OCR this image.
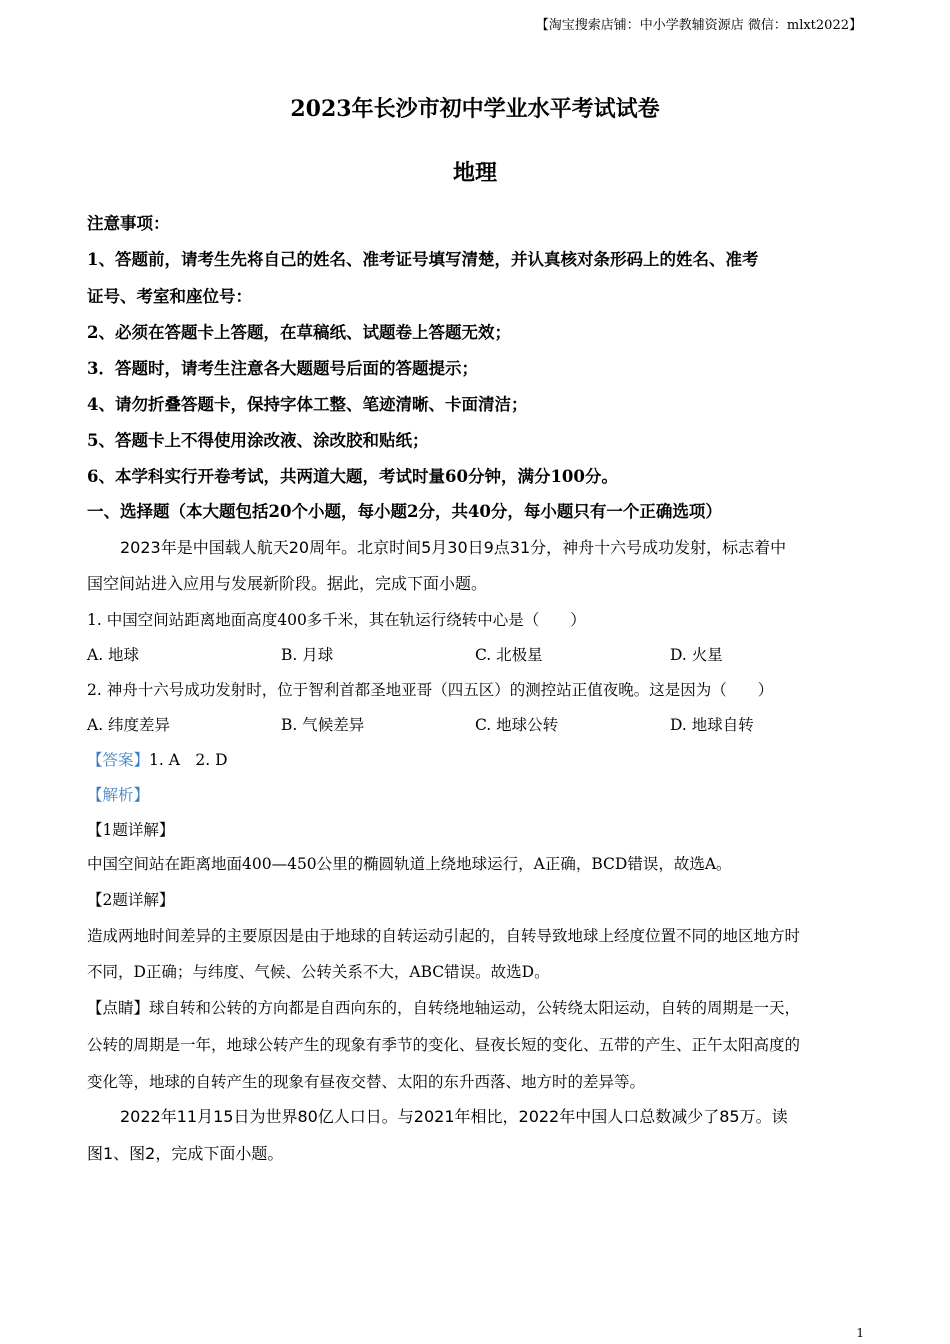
【淘宝搜索店铺：中小学教辅资源店 微信：mlxt2022】
2023年长沙市初中学业水平考试试卷
地理
注意事项：
1、答题前，请考生先将自己的姓名、准考证号填写清楚，并认真核对条形码上的姓名、准考
证号、考室和座位号：
2、必须在答题卡上答题，在草稿纸、试题卷上答题无效；
3．答题时，请考生注意各大题题号后面的答题提示；
4、请勿折叠答题卡，保持字体工整、笔迹清晰、卡面清洁；
5、答题卡上不得使用涂改液、涂改胶和贴纸；
6、本学科实行开卷考试，共两道大题，考试时量60分钟，满分100分。
一、选择题（本大题包括20个小题，每小题2分，共40分，每小题只有一个正确选项）
2023年是中国载人航天20周年。北京时间5月30日9点31分，神舟十六号成功发射，标志着中
国空间站进入应用与发展新阶段。据此，完成下面小题。
1. 中国空间站距离地面高度400多千米，其在轨运行绕转中心是（　　）
A. 地球	B. 月球	C. 北极星	D. 火星
2. 神舟十六号成功发射时，位于智利首都圣地亚哥（四五区）的测控站正值夜晚。这是因为（　　）
A. 纬度差异	B. 气候差异	C. 地球公转	D. 地球自转
【答案】1. A　2. D
【解析】
【1题详解】
中国空间站在距离地面400—450公里的椭圆轨道上绕地球运行，A正确，BCD错误，故选A。
【2题详解】
造成两地时间差异的主要原因是由于地球的自转运动引起的，自转导致地球上经度位置不同的地区地方时
不同，D正确；与纬度、气候、公转关系不大，ABC错误。故选D。
【点睛】球自转和公转的方向都是自西向东的，自转绕地轴运动，公转绕太阳运动，自转的周期是一天，
公转的周期是一年，地球公转产生的现象有季节的变化、昼夜长短的变化、五带的产生、正午太阳高度的
变化等，地球的自转产生的现象有昼夜交替、太阳的东升西落、地方时的差异等。
2022年11月15日为世界80亿人口日。与2021年相比，2022年中国人口总数减少了85万。读
图1、图2，完成下面小题。
1
